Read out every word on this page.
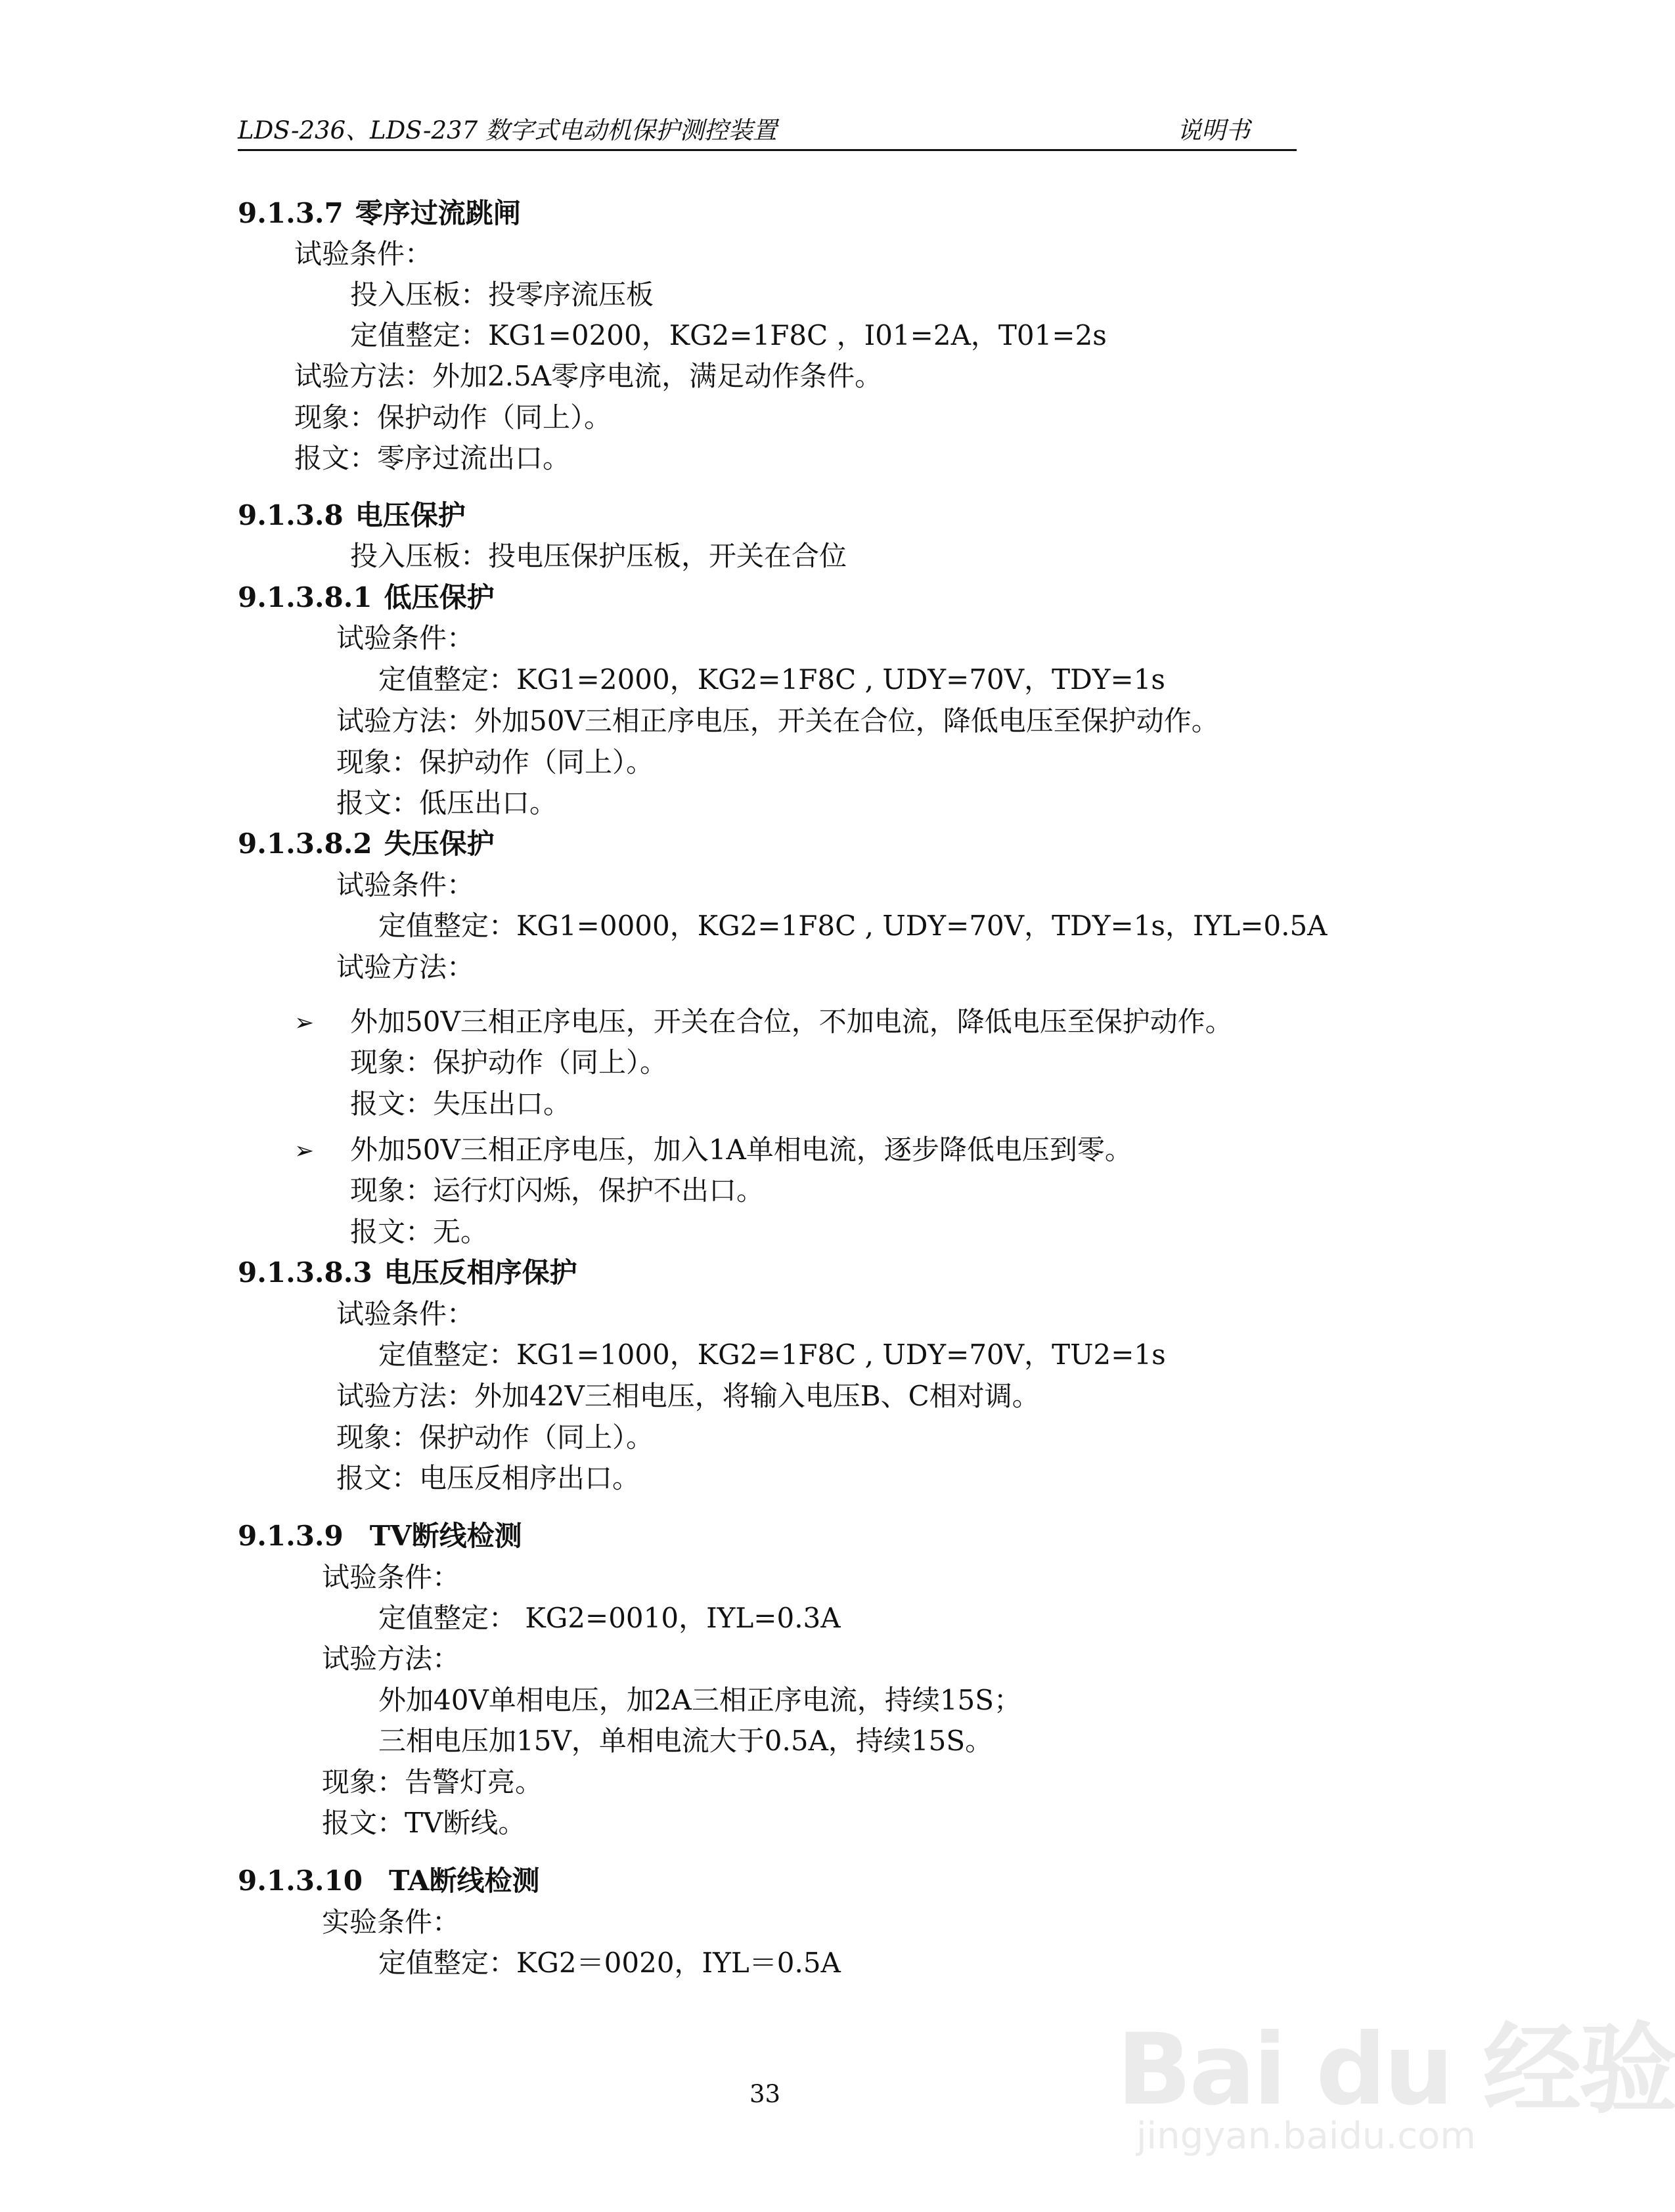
LDS-236、LDS-237 数字式电动机保护测控装置	说明书
9.1.3.7 零序过流跳闸
试验条件：
投入压板：投零序流压板
定值整定：KG1=0200，KG2=1F8C ，I01=2A，T01=2s
试验方法：外加2.5A零序电流，满足动作条件。
现象：保护动作（同上）。
报文：零序过流出口。
9.1.3.8 电压保护
投入压板：投电压保护压板，开关在合位
9.1.3.8.1 低压保护
试验条件：
定值整定：KG1=2000，KG2=1F8C , UDY=70V，TDY=1s
试验方法：外加50V三相正序电压，开关在合位，降低电压至保护动作。
现象：保护动作（同上）。
报文：低压出口。
9.1.3.8.2 失压保护
试验条件：
定值整定：KG1=0000，KG2=1F8C , UDY=70V，TDY=1s，IYL=0.5A
试验方法：
➢ 外加50V三相正序电压，开关在合位，不加电流，降低电压至保护动作。
现象：保护动作（同上）。
报文：失压出口。
➢ 外加50V三相正序电压，加入1A单相电流，逐步降低电压到零。
现象：运行灯闪烁，保护不出口。
报文：无。
9.1.3.8.3 电压反相序保护
试验条件：
定值整定：KG1=1000，KG2=1F8C , UDY=70V，TU2=1s
试验方法：外加42V三相电压，将输入电压B、C相对调。
现象：保护动作（同上）。
报文：电压反相序出口。
9.1.3.9 TV断线检测
试验条件：
定值整定： KG2=0010，IYL=0.3A
试验方法：
外加40V单相电压，加2A三相正序电流，持续15S；
三相电压加15V，单相电流大于0.5A，持续15S。
现象：告警灯亮。
报文：TV断线。
9.1.3.10 TA断线检测
实验条件：
定值整定：KG2＝0020，IYL＝0.5A
33	Bai du 经验
jingyan.baidu.com
